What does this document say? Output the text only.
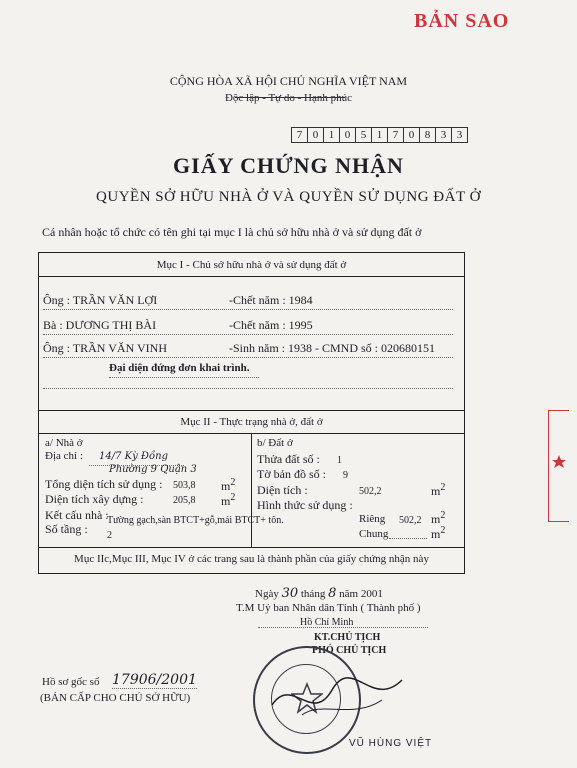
BẢN SAO
CỘNG HÒA XÃ HỘI CHỦ NGHĨA VIỆT NAM
Độc lập - Tự do - Hạnh phúc
7 0 1 0 5 1 7 0 8 3 3
GIẤY CHỨNG NHẬN
QUYỀN SỞ HỮU NHÀ Ở VÀ QUYỀN SỬ DỤNG ĐẤT Ở
Cá nhân hoặc tổ chức có tên ghi tại mục I là chủ sở hữu nhà ở và sử dụng đất ở
Mục I - Chủ sở hữu nhà ở và sử dụng đất ở
Ông : TRẦN VĂN LỢI	-Chết năm : 1984
Bà : DƯƠNG THỊ BÀI	-Chết năm : 1995
Ông : TRẦN VĂN VINH	-Sinh năm : 1938 - CMND số : 020680151
Đại diện đứng đơn khai trình.
Mục II - Thực trạng nhà ở, đất ở
a/ Nhà ở
Địa chỉ : 14/7 Kỳ Đồng
Phường 9 Quận 3
Tổng diện tích sử dụng : 503,8 $m^2$
Diện tích xây dựng :	205,8 $m^2$
Kết cấu nhà :
Tường gạch,sàn BTCT+gỗ,mái BTCT+ tôn.
Số tầng : 2
b/ Đất ở
Thửa đất số : 1
Tờ bản đồ số : 9
Diện tích :	502,2	$m^2$
Hình thức sử dụng :
Riêng 502,2 $m^2$
Chung	$m^2$
Mục IIc,Mục III, Mục IV ở các trang sau là thành phần của giấy chứng nhận này
Ngày 30 tháng 8 năm 2001
T.M Uỷ ban Nhân dân Tỉnh ( Thành phố )
Hồ Chí Minh
KT.CHỦ TỊCH
PHÓ CHỦ TỊCH
VŨ HÙNG VIỆT
Hồ sơ gốc số 17906/2001
(BẢN CẤP CHO CHỦ SỞ HỮU)
